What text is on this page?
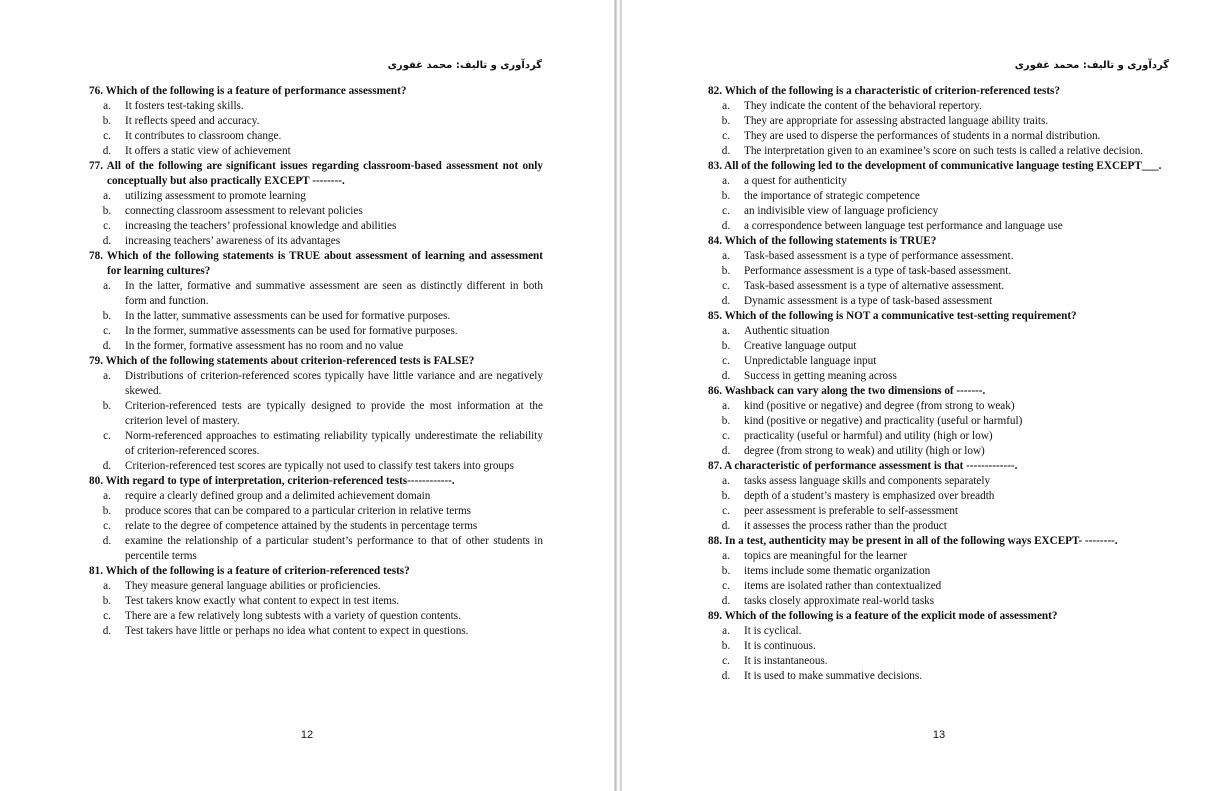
گردآوری و تالیف: محمد غفوری
76. Which of the following is a feature of performance assessment?
a.	It fosters test-taking skills.
b.	It reflects speed and accuracy.
c.	It contributes to classroom change.
d.	It offers a static view of achievement
77. All of the following are significant issues regarding classroom-based assessment not only conceptually but also practically EXCEPT --------.
a.	utilizing assessment to promote learning
b.	connecting classroom assessment to relevant policies
c.	increasing the teachers’ professional knowledge and abilities
d.	increasing teachers’ awareness of its advantages
78. Which of the following statements is TRUE about assessment of learning and assessment for learning cultures?
a.	In the latter, formative and summative assessment are seen as distinctly different in both form and function.
b.	In the latter, summative assessments can be used for formative purposes.
c.	In the former, summative assessments can be used for formative purposes.
d.	In the former, formative assessment has no room and no value
79. Which of the following statements about criterion-referenced tests is FALSE?
a.	Distributions of criterion-referenced scores typically have little variance and are negatively skewed.
b.	Criterion-referenced tests are typically designed to provide the most information at the criterion level of mastery.
c.	Norm-referenced approaches to estimating reliability typically underestimate the reliability of criterion-referenced scores.
d.	Criterion-referenced test scores are typically not used to classify test takers into groups
80. With regard to type of interpretation, criterion-referenced tests------------.
a.	require a clearly defined group and a delimited achievement domain
b.	produce scores that can be compared to a particular criterion in relative terms
c.	relate to the degree of competence attained by the students in percentage terms
d.	examine the relationship of a particular student’s performance to that of other students in percentile terms
81. Which of the following is a feature of criterion-referenced tests?
a.	They measure general language abilities or proficiencies.
b.	Test takers know exactly what content to expect in test items.
c.	There are a few relatively long subtests with a variety of question contents.
d.	Test takers have little or perhaps no idea what content to expect in questions.
12
گردآوری و تالیف: محمد غفوری
82. Which of the following is a characteristic of criterion-referenced tests?
a.	They indicate the content of the behavioral repertory.
b.	They are appropriate for assessing abstracted language ability traits.
c.	They are used to disperse the performances of students in a normal distribution.
d.	The interpretation given to an examinee’s score on such tests is called a relative decision.
83. All of the following led to the development of communicative language testing EXCEPT___.
a.	a quest for authenticity
b.	the importance of strategic competence
c.	an indivisible view of language proficiency
d.	a correspondence between language test performance and language use
84. Which of the following statements is TRUE?
a.	Task-based assessment is a type of performance assessment.
b.	Performance assessment is a type of task-based assessment.
c.	Task-based assessment is a type of alternative assessment.
d.	Dynamic assessment is a type of task-based assessment
85. Which of the following is NOT a communicative test-setting requirement?
a.	Authentic situation
b.	Creative language output
c.	Unpredictable language input
d.	Success in getting meaning across
86. Washback can vary along the two dimensions of -------.
a.	kind (positive or negative) and degree (from strong to weak)
b.	kind (positive or negative) and practicality (useful or harmful)
c.	practicality (useful or harmful) and utility (high or low)
d.	degree (from strong to weak) and utility (high or low)
87. A characteristic of performance assessment is that -------------.
a.	tasks assess language skills and components separately
b.	depth of a student’s mastery is emphasized over breadth
c.	peer assessment is preferable to self-assessment
d.	it assesses the process rather than the product
88. In a test, authenticity may be present in all of the following ways EXCEPT- --------.
a.	topics are meaningful for the learner
b.	items include some thematic organization
c.	items are isolated rather than contextualized
d.	tasks closely approximate real-world tasks
89. Which of the following is a feature of the explicit mode of assessment?
a.	It is cyclical.
b.	It is continuous.
c.	It is instantaneous.
d.	It is used to make summative decisions.
13
